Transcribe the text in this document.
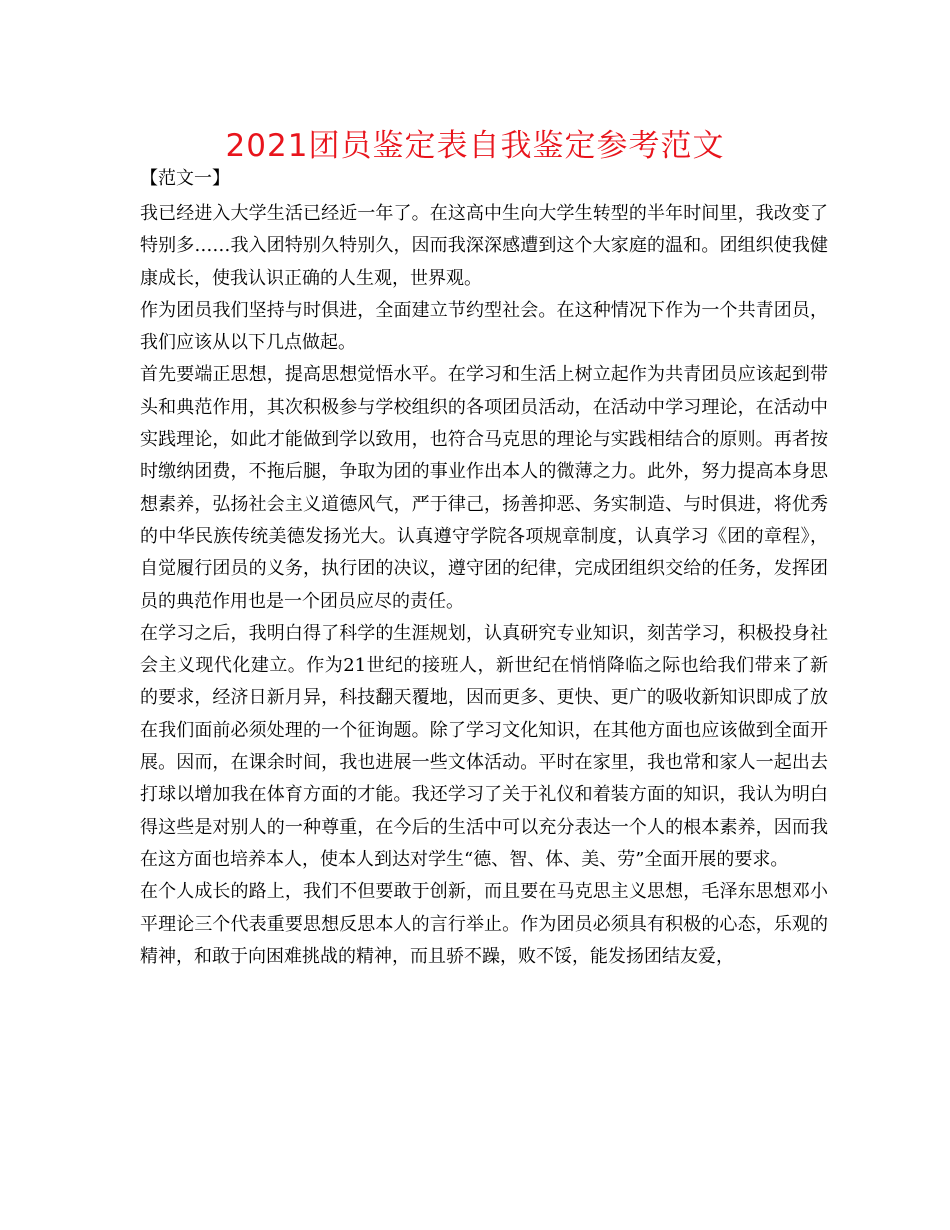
2021团员鉴定表自我鉴定参考范文
【范文一】

我已经进入大学生活已经近一年了。在这高中生向大学生转型的半年时间里，我改变了特别多……我入团特别久特别久，因而我深深感遭到这个大家庭的温和。团组织使我健康成长，使我认识正确的人生观，世界观。

作为团员我们坚持与时俱进，全面建立节约型社会。在这种情况下作为一个共青团员，我们应该从以下几点做起。

首先要端正思想，提高思想觉悟水平。在学习和生活上树立起作为共青团员应该起到带头和典范作用，其次积极参与学校组织的各项团员活动，在活动中学习理论，在活动中实践理论，如此才能做到学以致用，也符合马克思的理论与实践相结合的原则。再者按时缴纳团费，不拖后腿，争取为团的事业作出本人的微薄之力。此外，努力提高本身思想素养，弘扬社会主义道德风气，严于律己，扬善抑恶、务实制造、与时俱进，将优秀的中华民族传统美德发扬光大。认真遵守学院各项规章制度，认真学习《团的章程》，自觉履行团员的义务，执行团的决议，遵守团的纪律，完成团组织交给的任务，发挥团员的典范作用也是一个团员应尽的责任。

在学习之后，我明白得了科学的生涯规划，认真研究专业知识，刻苦学习，积极投身社会主义现代化建立。作为21世纪的接班人，新世纪在悄悄降临之际也给我们带来了新的要求，经济日新月异，科技翻天覆地，因而更多、更快、更广的吸收新知识即成了放在我们面前必须处理的一个征询题。除了学习文化知识，在其他方面也应该做到全面开展。因而，在课余时间，我也进展一些文体活动。平时在家里，我也常和家人一起出去打球以增加我在体育方面的才能。我还学习了关于礼仪和着装方面的知识，我认为明白得这些是对别人的一种尊重，在今后的生活中可以充分表达一个人的根本素养，因而我在这方面也培养本人，使本人到达对学生“德、智、体、美、劳”全面开展的要求。

在个人成长的路上，我们不但要敢于创新，而且要在马克思主义思想，毛泽东思想邓小平理论三个代表重要思想反思本人的言行举止。作为团员必须具有积极的心态，乐观的精神，和敢于向困难挑战的精神，而且骄不躁，败不馁，能发扬团结友爱，
